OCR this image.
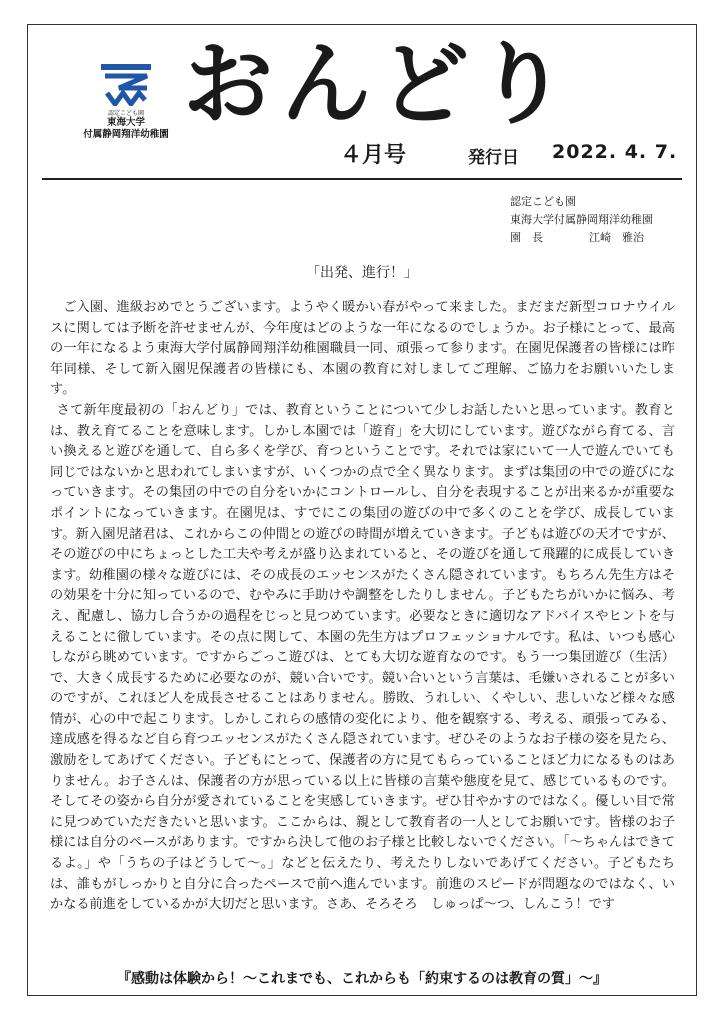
認定こども園
東海大学
付属静岡翔洋幼稚園 おんどり
４月号	発行日 2022. 4. 7.
認定こども園
東海大学付属静岡翔洋幼稚園
園　長	江崎　雅治
「出発、進行！」

ご入園、進級おめでとうございます。ようやく暖かい春がやって来ました。まだまだ新型コロナウイルスに関しては予断を許せませんが、今年度はどのような一年になるのでしょうか。お子様にとって、最高の一年になるよう東海大学付属静岡翔洋幼稚園職員一同、頑張って参ります。在園児保護者の皆様には昨年同様、そして新入園児保護者の皆様にも、本園の教育に対しましてご理解、ご協力をお願いいたします。

さて新年度最初の「おんどり」では、教育ということについて少しお話したいと思っています。教育とは、教え育てることを意味します。しかし本園では「遊育」を大切にしています。遊びながら育てる、言い換えると遊びを通して、自ら多くを学び、育つということです。それでは家にいて一人で遊んでいても同じではないかと思われてしまいますが、いくつかの点で全く異なります。まずは集団の中での遊びになっていきます。その集団の中での自分をいかにコントロールし、自分を表現することが出来るかが重要なポイントになっていきます。在園児は、すでにこの集団の遊びの中で多くのことを学び、成長しています。新入園児諸君は、これからこの仲間との遊びの時間が増えていきます。子どもは遊びの天才ですが、その遊びの中にちょっとした工夫や考えが盛り込まれていると、その遊びを通して飛躍的に成長していきます。幼稚園の様々な遊びには、その成長のエッセンスがたくさん隠されています。もちろん先生方はその効果を十分に知っているので、むやみに手助けや調整をしたりしません。子どもたちがいかに悩み、考え、配慮し、協力し合うかの過程をじっと見つめています。必要なときに適切なアドバイスやヒントを与えることに徹しています。その点に関して、本園の先生方はプロフェッショナルです。私は、いつも感心しながら眺めています。ですからごっこ遊びは、とても大切な遊育なのです。もう一つ集団遊び（生活）で、大きく成長するために必要なのが、競い合いです。競い合いという言葉は、毛嫌いされることが多いのですが、これほど人を成長させることはありません。勝敗、うれしい、くやしい、悲しいなど様々な感情が、心の中で起こります。しかしこれらの感情の変化により、他を観察する、考える、頑張ってみる、達成感を得るなど自ら育つエッセンスがたくさん隠されています。ぜひそのようなお子様の姿を見たら、激励をしてあげてください。子どもにとって、保護者の方に見てもらっていることほど力になるものはありません。お子さんは、保護者の方が思っている以上に皆様の言葉や態度を見て、感じているものです。そしてその姿から自分が愛されていることを実感していきます。ぜひ甘やかすのではなく。優しい目で常に見つめていただきたいと思います。ここからは、親として教育者の一人としてお願いです。皆様のお子様には自分のペースがあります。ですから決して他のお子様と比較しないでください。「〜ちゃんはできてるよ。」や「うちの子はどうして〜。」などと伝えたり、考えたりしないであげてください。子どもたちは、誰もがしっかりと自分に合ったペースで前へ進んでいます。前進のスピードが問題なのではなく、いかなる前進をしているかが大切だと思います。さあ、そろそろ　しゅっぱ〜つ、しんこう！です

『感動は体験から！〜これまでも、これからも「約束するのは教育の質」〜』
